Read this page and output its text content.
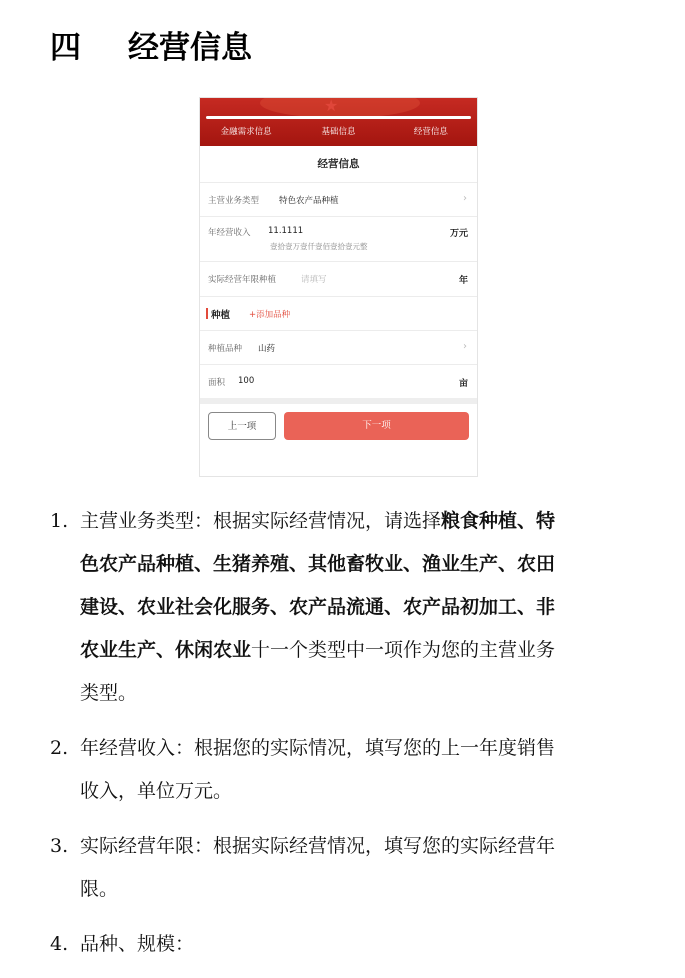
四	经营信息
★
金融需求信息	基础信息	经营信息
经营信息
主营业务类型 特色农产品种植	›
年经营收入 11.1111	万元
壹拾壹万壹仟壹佰壹拾壹元整
实际经营年限种植	请填写	年
种植 +添加品种
种植品种 山药	›
面积 100	亩
上一项	下一项
1. 主营业务类型：根据实际经营情况，请选择粮食种植、特
色农产品种植、生猪养殖、其他畜牧业、渔业生产、农田
建设、农业社会化服务、农产品流通、农产品初加工、非
农业生产、休闲农业十一个类型中一项作为您的主营业务
类型。
2. 年经营收入：根据您的实际情况，填写您的上一年度销售
收入，单位万元。
3. 实际经营年限：根据实际经营情况，填写您的实际经营年
限。
4. 品种、规模：
